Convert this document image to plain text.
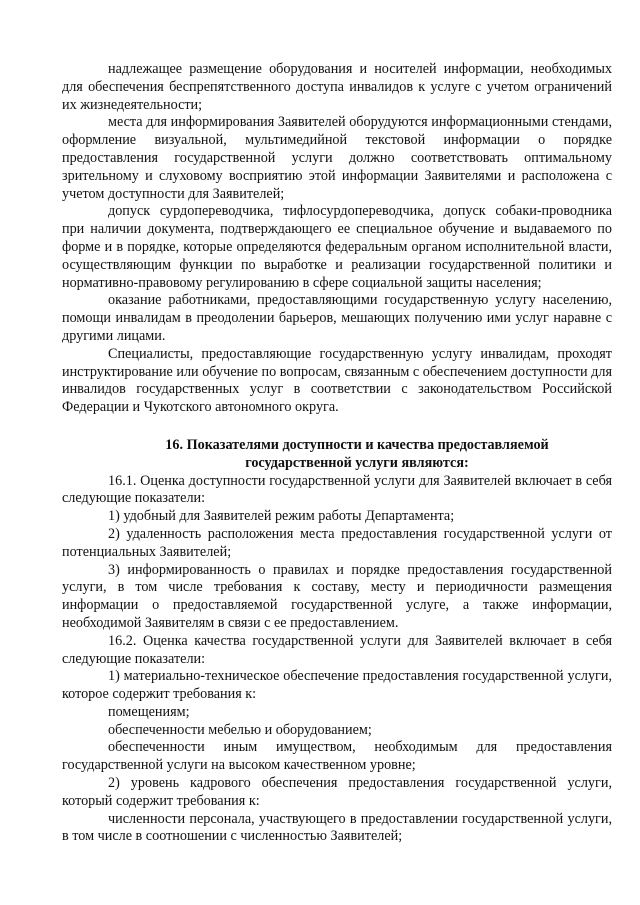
надлежащее размещение оборудования и носителей информации, необходимых для обеспечения беспрепятственного доступа инвалидов к услуге с учетом ограничений их жизнедеятельности;

места для информирования Заявителей оборудуются информационными стендами, оформление визуальной, мультимедийной текстовой информации о порядке предоставления государственной услуги должно соответствовать оптимальному зрительному и слуховому восприятию этой информации Заявителями и расположена с учетом доступности для Заявителей;

допуск сурдопереводчика, тифлосурдопереводчика, допуск собаки-проводника при наличии документа, подтверждающего ее специальное обучение и выдаваемого по форме и в порядке, которые определяются федеральным органом исполнительной власти, осуществляющим функции по выработке и реализации государственной политики и нормативно-правовому регулированию в сфере социальной защиты населения;

оказание работниками, предоставляющими государственную услугу населению, помощи инвалидам в преодолении барьеров, мешающих получению ими услуг наравне с другими лицами.

Специалисты, предоставляющие государственную услугу инвалидам, проходят инструктирование или обучение по вопросам, связанным с обеспечением доступности для инвалидов государственных услуг в соответствии с законодательством Российской Федерации и Чукотского автономного округа.

16. Показателями доступности и качества предоставляемой
государственной услуги являются:

16.1. Оценка доступности государственной услуги для Заявителей включает в себя следующие показатели:

1) удобный для Заявителей режим работы Департамента;

2) удаленность расположения места предоставления государственной услуги от потенциальных Заявителей;

3) информированность о правилах и порядке предоставления государственной услуги, в том числе требования к составу, месту и периодичности размещения информации о предоставляемой государственной услуге, а также информации, необходимой Заявителям в связи с ее предоставлением.

16.2. Оценка качества государственной услуги для Заявителей включает в себя следующие показатели:

1) материально-техническое обеспечение предоставления государственной услуги, которое содержит требования к:

помещениям;

обеспеченности мебелью и оборудованием;

обеспеченности иным имуществом, необходимым для предоставления государственной услуги на высоком качественном уровне;

2) уровень кадрового обеспечения предоставления государственной услуги, который содержит требования к:

численности персонала, участвующего в предоставлении государственной услуги, в том числе в соотношении с численностью Заявителей;
